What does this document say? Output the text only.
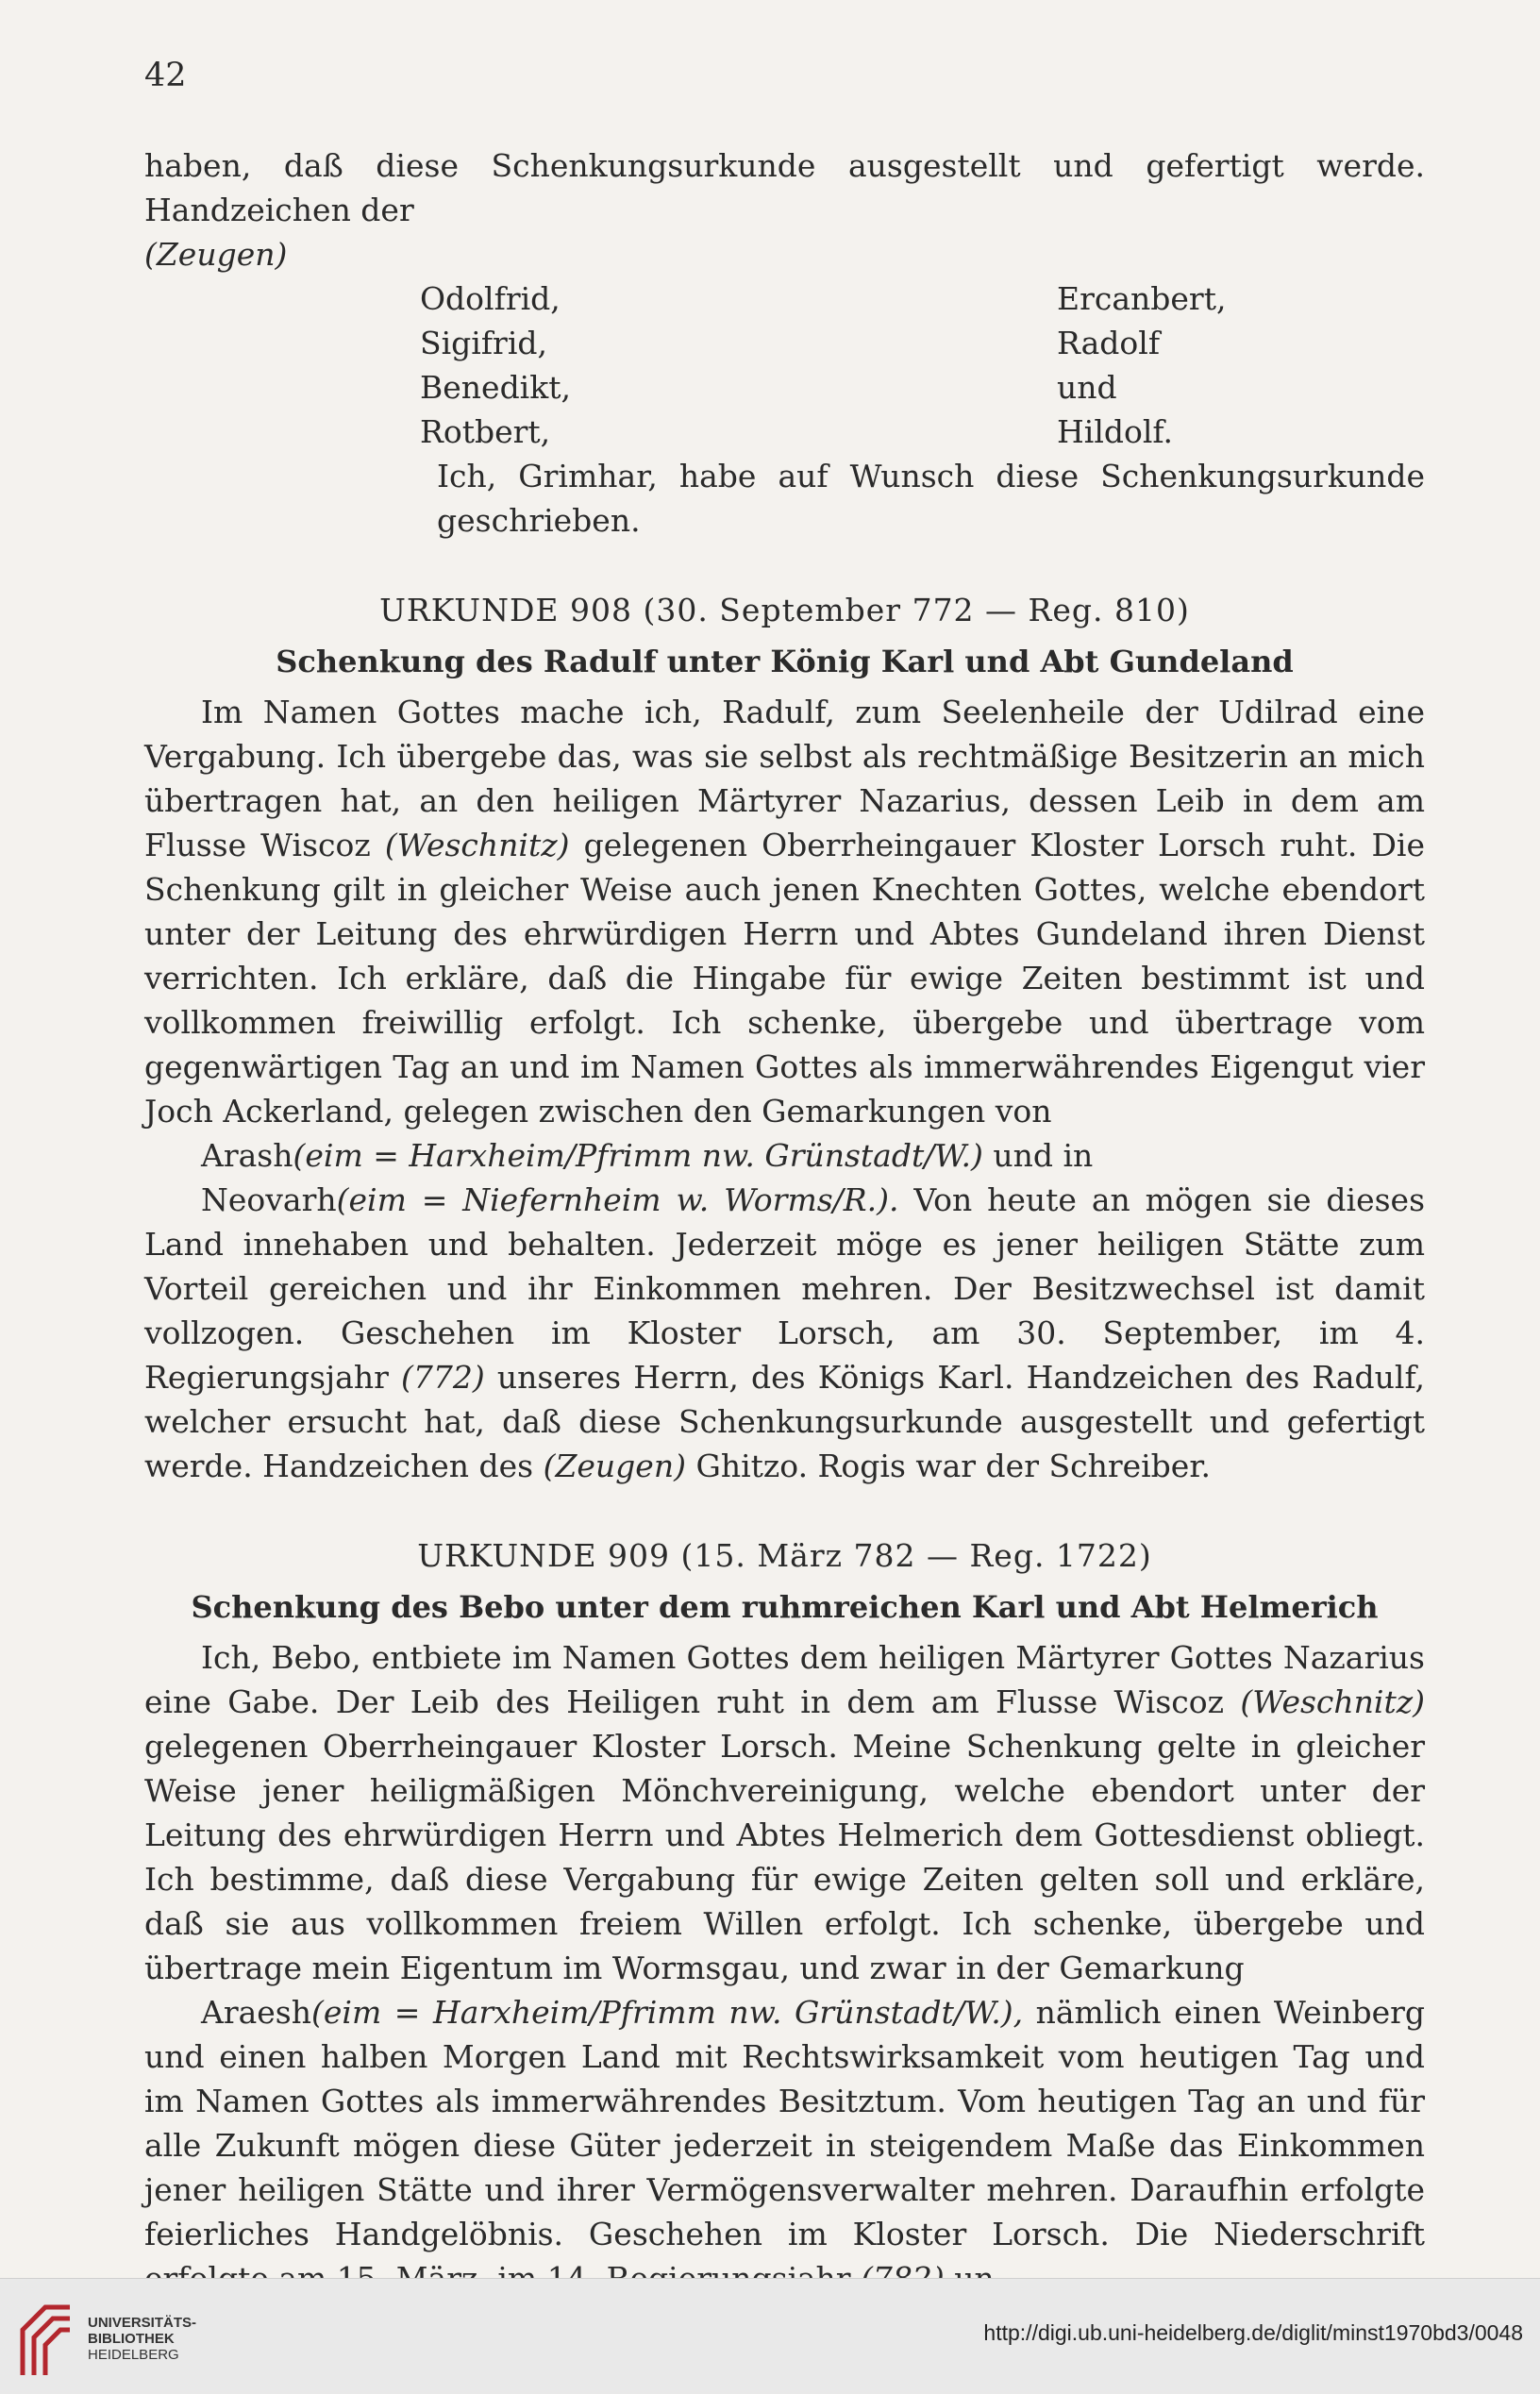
42

haben, daß diese Schenkungsurkunde ausgestellt und gefertigt werde. Handzeichen der

(Zeugen)

Odolfrid,	Ercanbert,
Sigifrid,	Radolf
Benedikt,	und
Rotbert,	Hildolf.

Ich, Grimhar, habe auf Wunsch diese Schenkungsurkunde geschrieben.

URKUNDE 908 (30. September 772 — Reg. 810)

Schenkung des Radulf unter König Karl und Abt Gundeland

Im Namen Gottes mache ich, Radulf, zum Seelenheile der Udilrad eine Vergabung. Ich übergebe das, was sie selbst als rechtmäßige Besitzerin an mich übertragen hat, an den heiligen Märtyrer Nazarius, dessen Leib in dem am Flusse Wiscoz (Weschnitz) gelegenen Oberrheingauer Kloster Lorsch ruht. Die Schenkung gilt in gleicher Weise auch jenen Knechten Gottes, welche ebendort unter der Leitung des ehrwürdigen Herrn und Abtes Gundeland ihren Dienst verrichten. Ich erkläre, daß die Hingabe für ewige Zeiten bestimmt ist und vollkommen freiwillig erfolgt. Ich schenke, übergebe und übertrage vom gegenwärtigen Tag an und im Namen Gottes als immerwährendes Eigengut vier Joch Ackerland, gelegen zwischen den Gemarkungen von

Arash(eim = Harxheim/Pfrimm nw. Grünstadt/W.) und in

Neovarh(eim = Niefernheim w. Worms/R.). Von heute an mögen sie dieses Land innehaben und behalten. Jederzeit möge es jener heiligen Stätte zum Vorteil gereichen und ihr Einkommen mehren. Der Besitzwechsel ist damit vollzogen. Geschehen im Kloster Lorsch, am 30. September, im 4. Regierungsjahr (772) unseres Herrn, des Königs Karl. Handzeichen des Radulf, welcher ersucht hat, daß diese Schenkungsurkunde ausgestellt und gefertigt werde. Handzeichen des (Zeugen) Ghitzo. Rogis war der Schreiber.

URKUNDE 909 (15. März 782 — Reg. 1722)

Schenkung des Bebo unter dem ruhmreichen Karl und Abt Helmerich

Ich, Bebo, entbiete im Namen Gottes dem heiligen Märtyrer Gottes Nazarius eine Gabe. Der Leib des Heiligen ruht in dem am Flusse Wiscoz (Weschnitz) gelegenen Oberrheingauer Kloster Lorsch. Meine Schenkung gelte in gleicher Weise jener heiligmäßigen Mönchvereinigung, welche ebendort unter der Leitung des ehrwürdigen Herrn und Abtes Helmerich dem Gottesdienst obliegt. Ich bestimme, daß diese Vergabung für ewige Zeiten gelten soll und erkläre, daß sie aus vollkommen freiem Willen erfolgt. Ich schenke, übergebe und übertrage mein Eigentum im Wormsgau, und zwar in der Gemarkung

Araesh(eim = Harxheim/Pfrimm nw. Grünstadt/W.), nämlich einen Weinberg und einen halben Morgen Land mit Rechtswirksamkeit vom heutigen Tag und im Namen Gottes als immerwährendes Besitztum. Vom heutigen Tag an und für alle Zukunft mögen diese Güter jederzeit in steigendem Maße das Einkommen jener heiligen Stätte und ihrer Vermögensverwalter mehren. Daraufhin erfolgte feierliches Handgelöbnis. Geschehen im Kloster Lorsch. Die Niederschrift

UNIVERSITÄTS-
BIBLIOTHEK
HEIDELBERG
http://digi.ub.uni-heidelberg.de/diglit/minst1970bd3/0048
